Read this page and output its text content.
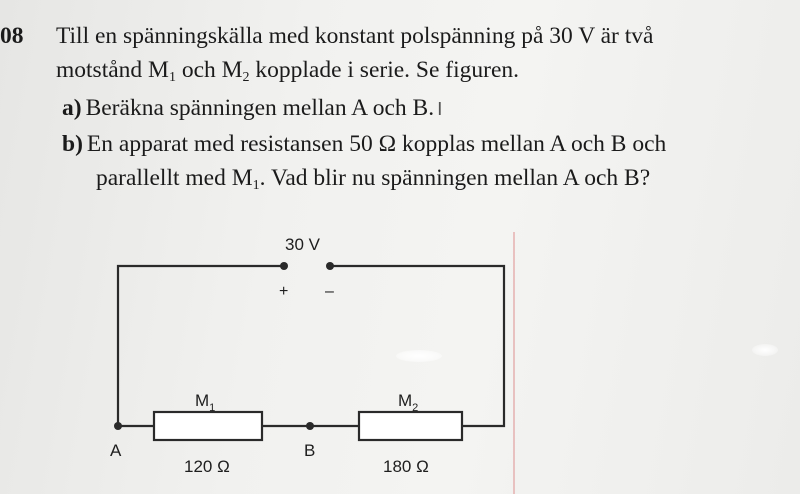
08 Till en spänningskälla med konstant polspänning på 30 V är två
motstånd $M_1$ och $M_2$ kopplade i serie. Se figuren.
a) Beräkna spänningen mellan A och B. I
b) En apparat med resistansen 50 Ω kopplas mellan A och B och
parallellt med $M_1$. Vad blir nu spänningen mellan A och B?
30 V
+ –
$M_1$	$M_2$
A	B
120 Ω	180 Ω
